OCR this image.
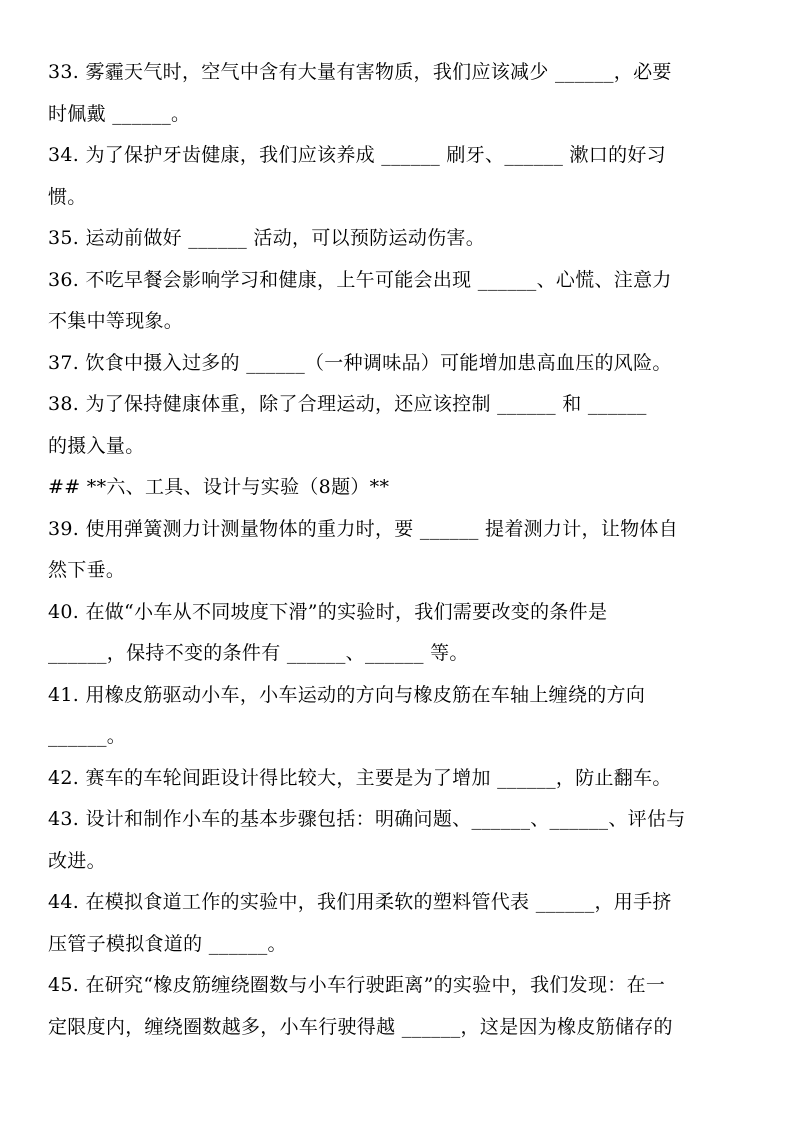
33. 雾霾天气时，空气中含有大量有害物质，我们应该减少 ______，必要
时佩戴 ______。
34. 为了保护牙齿健康，我们应该养成 ______ 刷牙、______ 漱口的好习
惯。
35. 运动前做好 ______ 活动，可以预防运动伤害。
36. 不吃早餐会影响学习和健康，上午可能会出现 ______、心慌、注意力
不集中等现象。
37. 饮食中摄入过多的 ______（一种调味品）可能增加患高血压的风险。
38. 为了保持健康体重，除了合理运动，还应该控制 ______ 和 ______
的摄入量。
## **六、工具、设计与实验（8题）**
39. 使用弹簧测力计测量物体的重力时，要 ______ 提着测力计，让物体自
然下垂。
40. 在做“小车从不同坡度下滑”的实验时，我们需要改变的条件是
______，保持不变的条件有 ______、______ 等。
41. 用橡皮筋驱动小车，小车运动的方向与橡皮筋在车轴上缠绕的方向
______。
42. 赛车的车轮间距设计得比较大，主要是为了增加 ______，防止翻车。
43. 设计和制作小车的基本步骤包括：明确问题、______、______、评估与
改进。
44. 在模拟食道工作的实验中，我们用柔软的塑料管代表 ______，用手挤
压管子模拟食道的 ______。
45. 在研究“橡皮筋缠绕圈数与小车行驶距离”的实验中，我们发现：在一
定限度内，缠绕圈数越多，小车行驶得越 ______，这是因为橡皮筋储存的
